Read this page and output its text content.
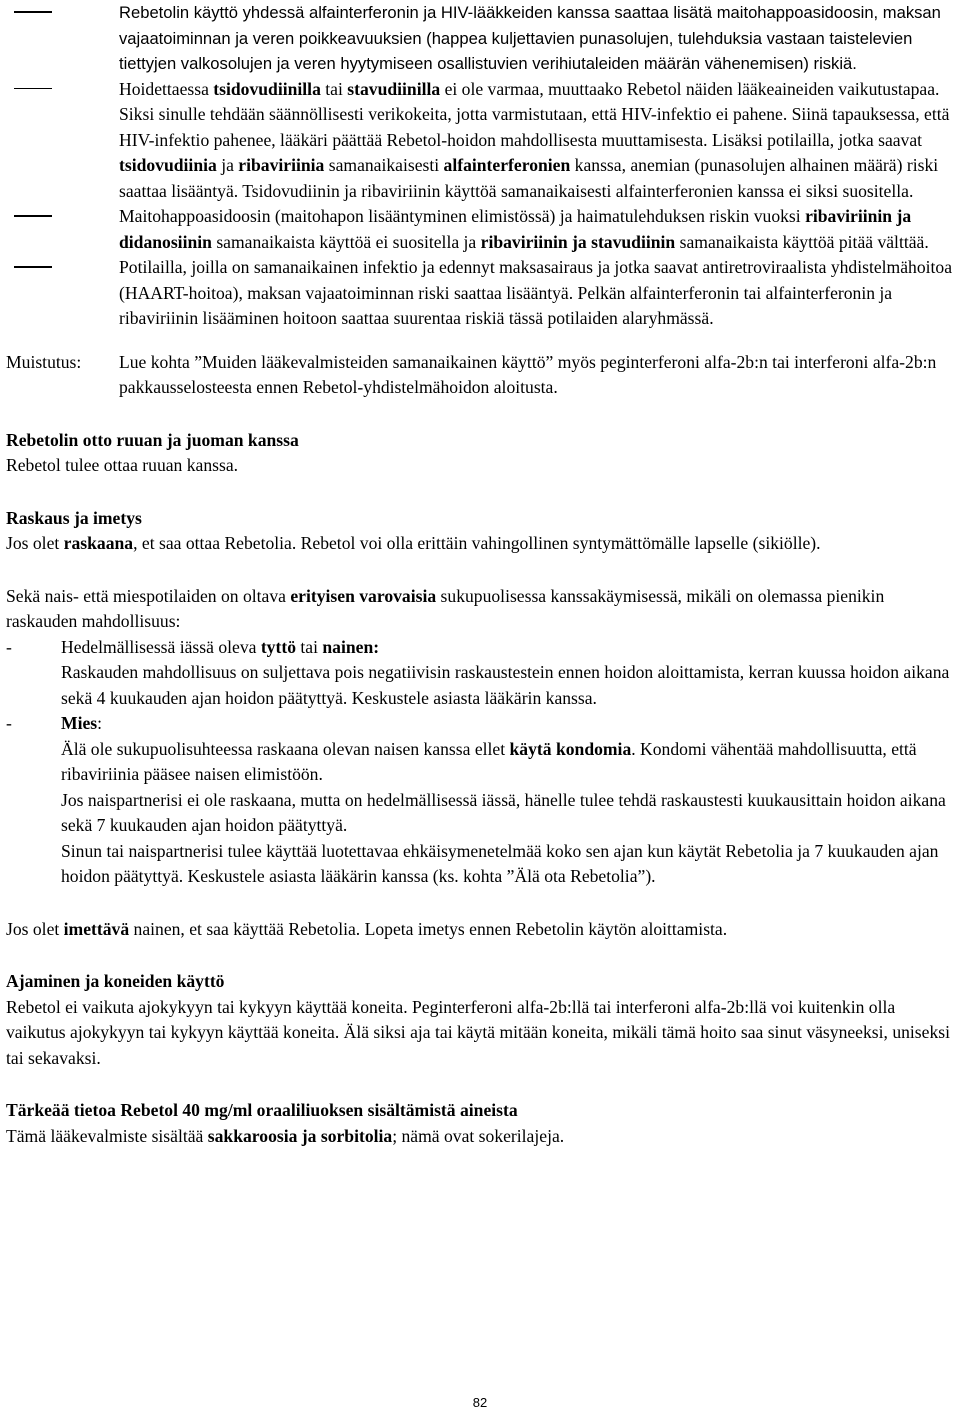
Rebetolin käyttö yhdessä alfainterferonin ja HIV-lääkkeiden kanssa saattaa lisätä maitohappoasidoosin, maksan vajaatoiminnan ja veren poikkeavuuksien (happea kuljettavien punasolujen, tulehduksia vastaan taistelevien tiettyjen valkosolujen ja veren hyytymiseen osallistuvien verihiutaleiden määrän vähenemisen) riskiä.

Hoidettaessa tsidovudiinilla tai stavudiinilla ei ole varmaa, muuttaako Rebetol näiden lääkeaineiden vaikutustapaa. Siksi sinulle tehdään säännöllisesti verikokeita, jotta varmistutaan, että HIV-infektio ei pahene. Siinä tapauksessa, että HIV-infektio pahenee, lääkäri päättää Rebetol-hoidon mahdollisesta muuttamisesta. Lisäksi potilailla, jotka saavat tsidovudiinia ja ribaviriinia samanaikaisesti alfainterferonien kanssa, anemian (punasolujen alhainen määrä) riski saattaa lisääntyä. Tsidovudiinin ja ribaviriinin käyttöä samanaikaisesti alfainterferonien kanssa ei siksi suositella.

Maitohappoasidoosin (maitohapon lisääntyminen elimistössä) ja haimatulehduksen riskin vuoksi ribaviriinin ja didanosiinin samanaikaista käyttöä ei suositella ja ribaviriinin ja stavudiinin samanaikaista käyttöä pitää välttää.

Potilailla, joilla on samanaikainen infektio ja edennyt maksasairaus ja jotka saavat antiretroviraalista yhdistelmähoitoa (HAART-hoitoa), maksan vajaatoiminnan riski saattaa lisääntyä. Pelkän alfainterferonin tai alfainterferonin ja ribaviriinin lisääminen hoitoon saattaa suurentaa riskiä tässä potilaiden alaryhmässä.

Muistutus: Lue kohta ”Muiden lääkevalmisteiden samanaikainen käyttö” myös peginterferoni alfa-2b:n tai interferoni alfa-2b:n pakkausselosteesta ennen Rebetol-yhdistelmähoidon aloitusta.

Rebetolin otto ruuan ja juoman kanssa

Rebetol tulee ottaa ruuan kanssa.

Raskaus ja imetys

Jos olet raskaana, et saa ottaa Rebetolia. Rebetol voi olla erittäin vahingollinen syntymättömälle lapselle (sikiölle).

Sekä nais- että miespotilaiden on oltava erityisen varovaisia sukupuolisessa kanssakäymisessä, mikäli on olemassa pienikin raskauden mahdollisuus:

-	Hedelmällisessä iässä oleva tyttö tai nainen:

Raskauden mahdollisuus on suljettava pois negatiivisin raskaustestein ennen hoidon aloittamista, kerran kuussa hoidon aikana sekä 4 kuukauden ajan hoidon päätyttyä. Keskustele asiasta lääkärin kanssa.

-	Mies:

Älä ole sukupuolisuhteessa raskaana olevan naisen kanssa ellet käytä kondomia. Kondomi vähentää mahdollisuutta, että ribaviriinia pääsee naisen elimistöön.

Jos naispartnerisi ei ole raskaana, mutta on hedelmällisessä iässä, hänelle tulee tehdä raskaustesti kuukausittain hoidon aikana sekä 7 kuukauden ajan hoidon päätyttyä.

Sinun tai naispartnerisi tulee käyttää luotettavaa ehkäisymenetelmää koko sen ajan kun käytät Rebetolia ja 7 kuukauden ajan hoidon päätyttyä. Keskustele asiasta lääkärin kanssa (ks. kohta ”Älä ota Rebetolia”).

Jos olet imettävä nainen, et saa käyttää Rebetolia. Lopeta imetys ennen Rebetolin käytön aloittamista.

Ajaminen ja koneiden käyttö

Rebetol ei vaikuta ajokykyyn tai kykyyn käyttää koneita. Peginterferoni alfa-2b:llä tai interferoni alfa-2b:llä voi kuitenkin olla vaikutus ajokykyyn tai kykyyn käyttää koneita. Älä siksi aja tai käytä mitään koneita, mikäli tämä hoito saa sinut väsyneeksi, uniseksi tai sekavaksi.

Tärkeää tietoa Rebetol 40 mg/ml oraaliliuoksen sisältämistä aineista

Tämä lääkevalmiste sisältää sakkaroosia ja sorbitolia; nämä ovat sokerilajeja.

82
